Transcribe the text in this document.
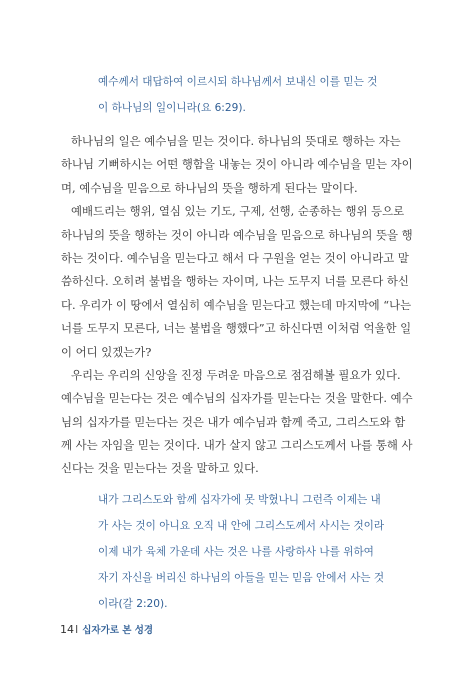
예수께서 대답하여 이르시되 하나님께서 보내신 이를 믿는 것
이 하나님의 일이니라(요 6:29).
하나님의 일은 예수님을 믿는 것이다. 하나님의 뜻대로 행하는 자는
하나님 기뻐하시는 어떤 행함을 내놓는 것이 아니라 예수님을 믿는 자이
며, 예수님을 믿음으로 하나님의 뜻을 행하게 된다는 말이다.
예배드리는 행위, 열심 있는 기도, 구제, 선행, 순종하는 행위 등으로
하나님의 뜻을 행하는 것이 아니라 예수님을 믿음으로 하나님의 뜻을 행
하는 것이다. 예수님을 믿는다고 해서 다 구원을 얻는 것이 아니라고 말
씀하신다. 오히려 불법을 행하는 자이며, 나는 도무지 너를 모른다 하신
다. 우리가 이 땅에서 열심히 예수님을 믿는다고 했는데 마지막에 “나는
너를 도무지 모른다, 너는 불법을 행했다”고 하신다면 이처럼 억울한 일
이 어디 있겠는가?
우리는 우리의 신앙을 진정 두려운 마음으로 점검해볼 필요가 있다.
예수님을 믿는다는 것은 예수님의 십자가를 믿는다는 것을 말한다. 예수
님의 십자가를 믿는다는 것은 내가 예수님과 함께 죽고, 그리스도와 함
께 사는 자임을 믿는 것이다. 내가 살지 않고 그리스도께서 나를 통해 사
신다는 것을 믿는다는 것을 말하고 있다.
내가 그리스도와 함께 십자가에 못 박혔나니 그런즉 이제는 내
가 사는 것이 아니요 오직 내 안에 그리스도께서 사시는 것이라
이제 내가 육체 가운데 사는 것은 나를 사랑하사 나를 위하여
자기 자신을 버리신 하나님의 아들을 믿는 믿음 안에서 사는 것
이라(갈 2:20).
14I 십자가로 본 성경
